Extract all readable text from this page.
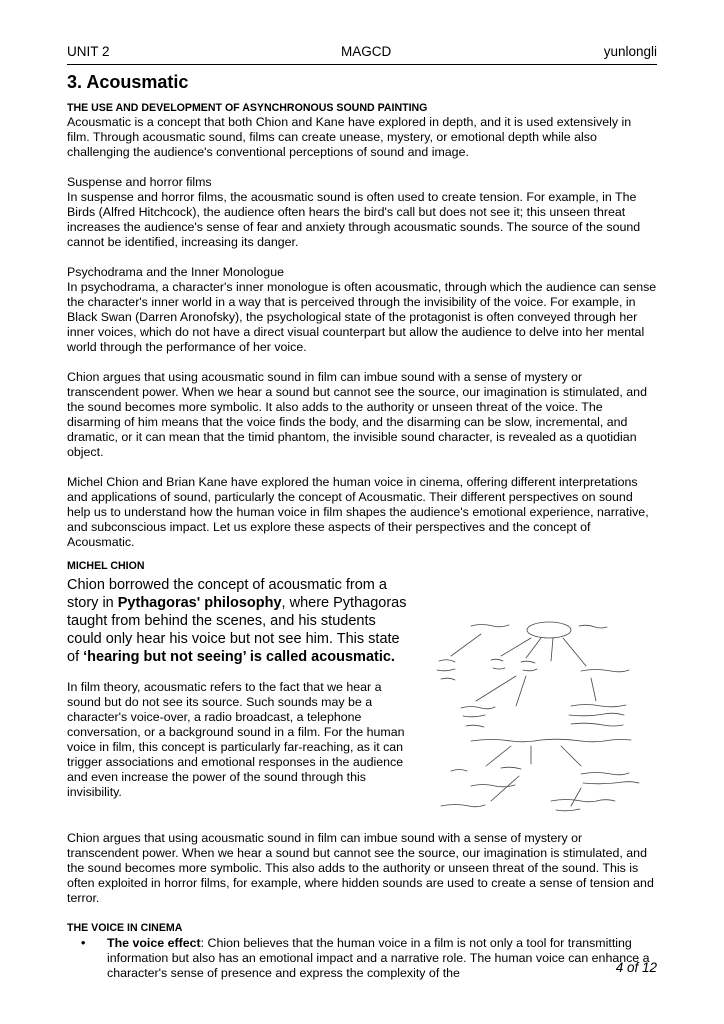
UNIT 2	MAGCD	yunlongli
3. Acousmatic

THE USE AND DEVELOPMENT OF ASYNCHRONOUS SOUND PAINTING

Acousmatic is a concept that both Chion and Kane have explored in depth, and it is used extensively in film. Through acousmatic sound, films can create unease, mystery, or emotional depth while also challenging the audience's conventional perceptions of sound and image.

Suspense and horror films

In suspense and horror films, the acousmatic sound is often used to create tension. For example, in The Birds (Alfred Hitchcock), the audience often hears the bird's call but does not see it; this unseen threat increases the audience's sense of fear and anxiety through acousmatic sounds. The source of the sound cannot be identified, increasing its danger.

Psychodrama and the Inner Monologue

In psychodrama, a character's inner monologue is often acousmatic, through which the audience can sense the character's inner world in a way that is perceived through the invisibility of the voice. For example, in Black Swan (Darren Aronofsky), the psychological state of the protagonist is often conveyed through her inner voices, which do not have a direct visual counterpart but allow the audience to delve into her mental world through the performance of her voice.

Chion argues that using acousmatic sound in film can imbue sound with a sense of mystery or transcendent power. When we hear a sound but cannot see the source, our imagination is stimulated, and the sound becomes more symbolic. It also adds to the authority or unseen threat of the voice. The disarming of him means that the voice finds the body, and the disarming can be slow, incremental, and dramatic, or it can mean that the timid phantom, the invisible sound character, is revealed as a quotidian object.

Michel Chion and Brian Kane have explored the human voice in cinema, offering different interpretations and applications of sound, particularly the concept of Acousmatic. Their different perspectives on sound help us to understand how the human voice in film shapes the audience's emotional experience, narrative, and subconscious impact. Let us explore these aspects of their perspectives and the concept of Acousmatic.

MICHEL CHION

Chion borrowed the concept of acousmatic from a story in Pythagoras' philosophy, where Pythagoras taught from behind the scenes, and his students could only hear his voice but not see him. This state of ‘hearing but not seeing’ is called acousmatic.

In film theory, acousmatic refers to the fact that we hear a sound but do not see its source. Such sounds may be a character's voice-over, a radio broadcast, a telephone conversation, or a background sound in a film. For the human voice in film, this concept is particularly far-reaching, as it can trigger associations and emotional responses in the audience and even increase the power of the sound through this invisibility.

Chion argues that using acousmatic sound in film can imbue sound with a sense of mystery or transcendent power. When we hear a sound but cannot see the source, our imagination is stimulated, and the sound becomes more symbolic. This also adds to the authority or unseen threat of the sound. This is often exploited in horror films, for example, where hidden sounds are used to create a sense of tension and terror.

THE VOICE IN CINEMA

•	The voice effect: Chion believes that the human voice in a film is not only a tool for transmitting information but also has an emotional impact and a narrative role. The human voice can enhance a character's sense of presence and express the complexity of the	4 of 12
